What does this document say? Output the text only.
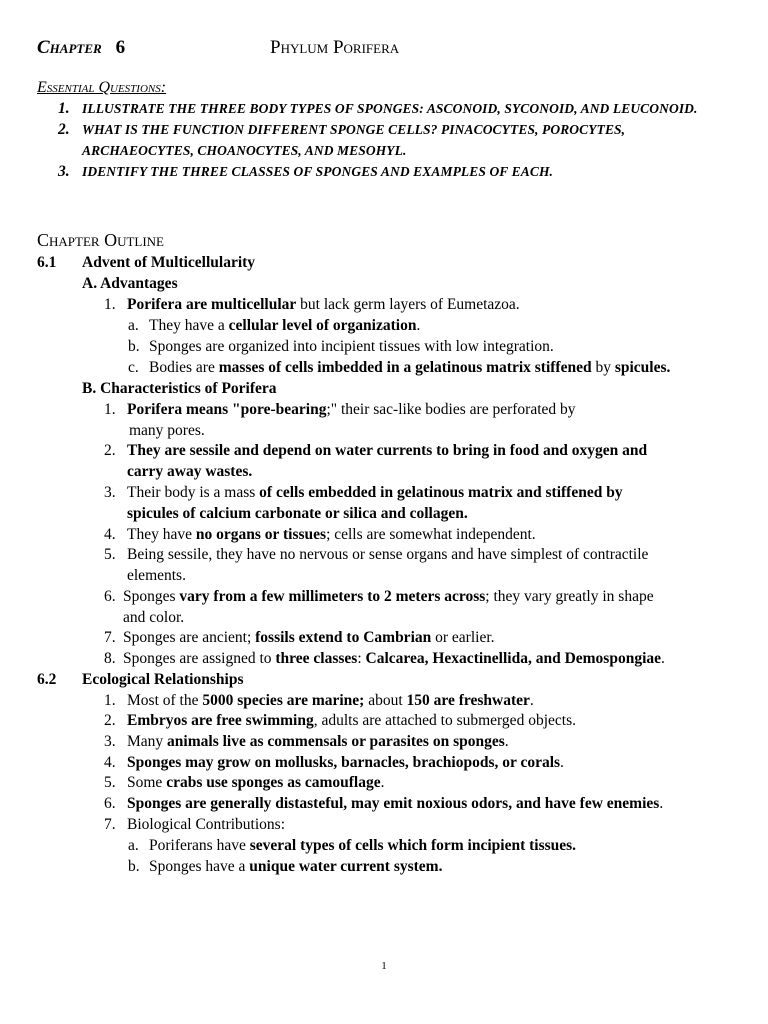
Chapter 6	Phylum Porifera
Essential Questions:
1. ILLUSTRATE THE THREE BODY TYPES OF SPONGES: ASCONOID, SYCONOID, AND LEUCONOID.
2. WHAT IS THE FUNCTION DIFFERENT SPONGE CELLS? PINACOCYTES, POROCYTES,
ARCHAEOCYTES, CHOANOCYTES, AND MESOHYL.
3. IDENTIFY THE THREE CLASSES OF SPONGES AND EXAMPLES OF EACH.
Chapter Outline
6.1 Advent of Multicellularity
A. Advantages
1. Porifera are multicellular but lack germ layers of Eumetazoa.
a. They have a cellular level of organization.
b. Sponges are organized into incipient tissues with low integration.
c. Bodies are masses of cells imbedded in a gelatinous matrix stiffened by spicules.
B. Characteristics of Porifera
1. Porifera means "pore-bearing;" their sac-like bodies are perforated by
many pores.
2. They are sessile and depend on water currents to bring in food and oxygen and
carry away wastes.
3. Their body is a mass of cells embedded in gelatinous matrix and stiffened by
spicules of calcium carbonate or silica and collagen.
4. They have no organs or tissues; cells are somewhat independent.
5. Being sessile, they have no nervous or sense organs and have simplest of contractile
elements.
6. Sponges vary from a few millimeters to 2 meters across; they vary greatly in shape
and color.
7. Sponges are ancient; fossils extend to Cambrian or earlier.
8. Sponges are assigned to three classes: Calcarea, Hexactinellida, and Demospongiae.
6.2 Ecological Relationships
1. Most of the 5000 species are marine; about 150 are freshwater.
2. Embryos are free swimming, adults are attached to submerged objects.
3. Many animals live as commensals or parasites on sponges.
4. Sponges may grow on mollusks, barnacles, brachiopods, or corals.
5. Some crabs use sponges as camouflage.
6. Sponges are generally distasteful, may emit noxious odors, and have few enemies.
7. Biological Contributions:
a. Poriferans have several types of cells which form incipient tissues.
b. Sponges have a unique water current system.
1
